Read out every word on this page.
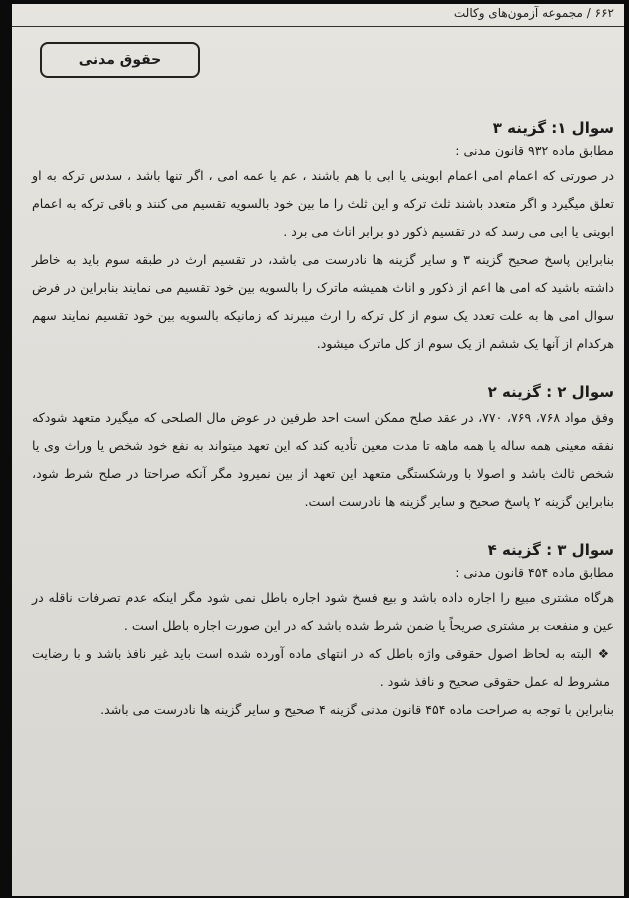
۶۶۲ / مجموعه آزمون‌های وکالت
حقوق مدنی
سوال ۱: گزینه ۳

مطابق ماده ۹۳۲ قانون مدنی :

در صورتی که اعمام امی اعمام ابوینی یا ابی با هم باشند ، عم یا عمه امی ، اگر تنها باشد ، سدس ترکه به او تعلق میگیرد و اگر متعدد باشند ثلث ترکه و این ثلث را ما بین خود بالسویه تقسیم می کنند و باقی ترکه به اعمام ابوینی یا ابی می رسد که در تقسیم ذکور دو برابر اناث می برد .

بنابراین پاسخ صحیح گزینه ۳ و سایر گزینه ها نادرست می باشد، در تقسیم ارث در طبقه سوم باید به خاطر داشته باشید که امی ها اعم از ذکور و اناث همیشه ماترک را بالسویه بین خود تقسیم می نمایند بنابراین در فرض سوال امی ها به علت تعدد یک سوم از کل ترکه را ارث میبرند که زمانیکه بالسویه بین خود تقسیم نمایند سهم هرکدام از آنها یک ششم از یک سوم از کل ماترک میشود.

سوال ۲ : گزینه ۲

وفق مواد ۷۶۸، ۷۶۹، ۷۷۰، در عقد صلح ممکن است احد طرفین در عوض مال الصلحی که میگیرد متعهد شودکه نفقه معینی همه ساله یا همه ماهه تا مدت معین تأدیه کند که این تعهد میتواند به نفع خود شخص یا وراث وی یا شخص ثالث باشد و اصولا با ورشکستگی متعهد این تعهد از بین نمیرود مگر آنکه صراحتا در صلح شرط شود، بنابراین گزینه ۲ پاسخ صحیح و سایر گزینه ها نادرست است.

سوال ۳ : گزینه ۴

مطابق ماده ۴۵۴ قانون مدنی :

هرگاه مشتری مبیع را اجاره داده باشد و بیع فسخ شود اجاره باطل نمی شود مگر اینکه عدم تصرفات ناقله در عین و منفعت بر مشتری صریحاً یا ضمن شرط شده باشد که در این صورت اجاره باطل است .

❖البته به لحاظ اصول حقوقی واژه باطل که در انتهای ماده آورده شده است باید غیر نافذ باشد و با رضایت مشروط له عمل حقوقی صحیح و نافذ شود .

بنابراین با توجه به صراحت ماده ۴۵۴ قانون مدنی گزینه ۴ صحیح و سایر گزینه ها نادرست می باشد.
